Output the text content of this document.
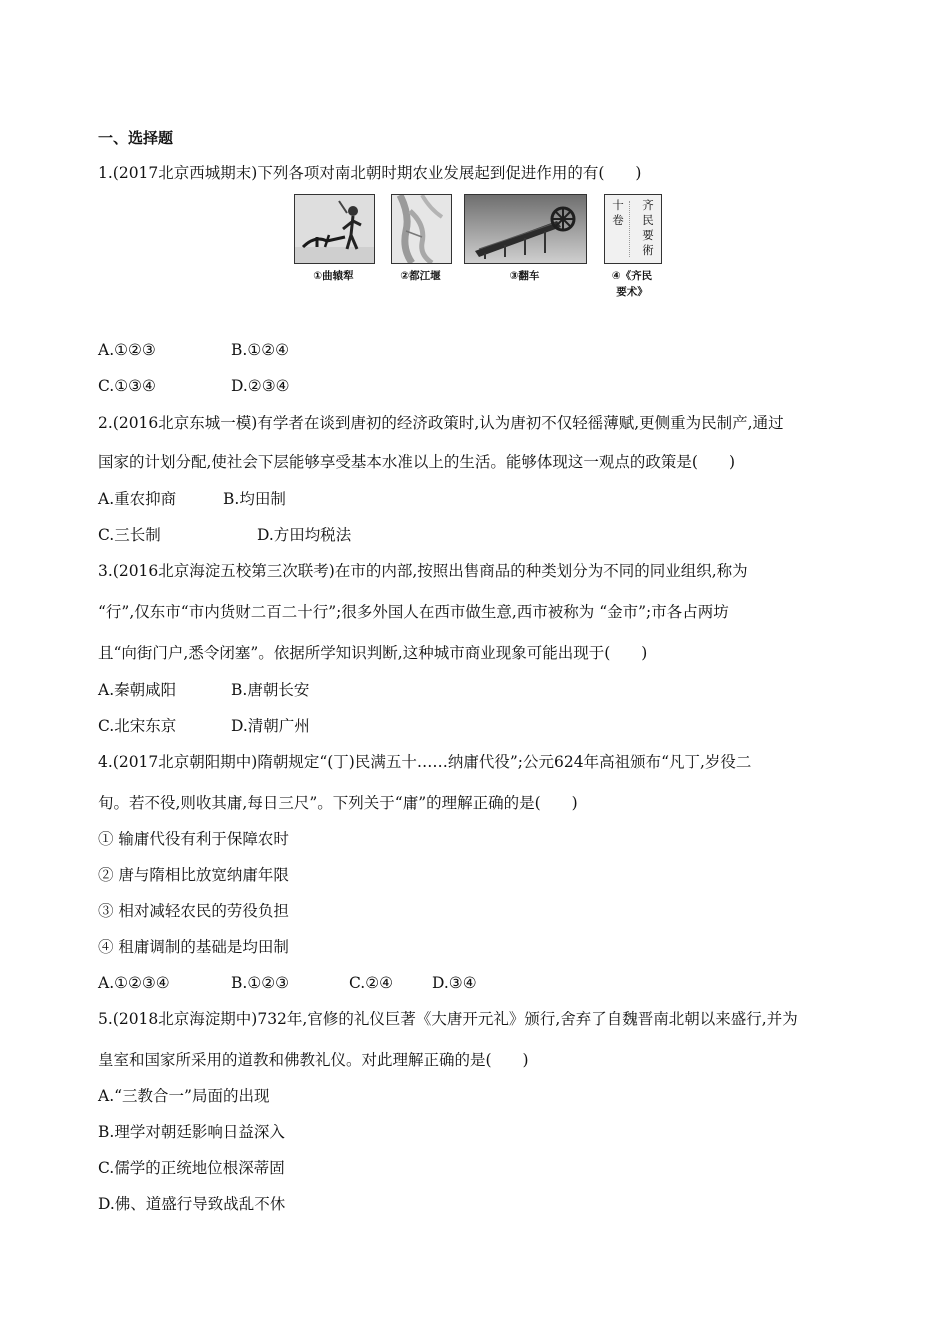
一、选择题
1.(2017北京西城期末)下列各项对南北朝时期农业发展起到促进作用的有(　　)
齐
民
要
術
十
卷
①曲辕犁	②都江堰	③翻车	④《齐民
要术》
A.①②③	B.①②④
C.①③④	D.②③④
2.(2016北京东城一模)有学者在谈到唐初的经济政策时,认为唐初不仅轻徭薄赋,更侧重为民制产,通过
国家的计划分配,使社会下层能够享受基本水准以上的生活。能够体现这一观点的政策是(　　)
A.重农抑商	B.均田制
C.三长制	D.方田均税法
3.(2016北京海淀五校第三次联考)在市的内部,按照出售商品的种类划分为不同的同业组织,称为
“行”,仅东市“市内货财二百二十行”;很多外国人在西市做生意,西市被称为 “金市”;市各占两坊
且“向街门户,悉令闭塞”。依据所学知识判断,这种城市商业现象可能出现于(　　)
A.秦朝咸阳	B.唐朝长安
C.北宋东京	D.清朝广州
4.(2017北京朝阳期中)隋朝规定“(丁)民满五十……纳庸代役”;公元624年高祖颁布“凡丁,岁役二
旬。若不役,则收其庸,每日三尺”。下列关于“庸”的理解正确的是(　　)
① 输庸代役有利于保障农时
② 唐与隋相比放宽纳庸年限
③ 相对减轻农民的劳役负担
④ 租庸调制的基础是均田制
A.①②③④	B.①②③	C.②④	D.③④
5.(2018北京海淀期中)732年,官修的礼仪巨著《大唐开元礼》颁行,舍弃了自魏晋南北朝以来盛行,并为
皇室和国家所采用的道教和佛教礼仪。对此理解正确的是(　　)
A.“三教合一”局面的出现
B.理学对朝廷影响日益深入
C.儒学的正统地位根深蒂固
D.佛、道盛行导致战乱不休
